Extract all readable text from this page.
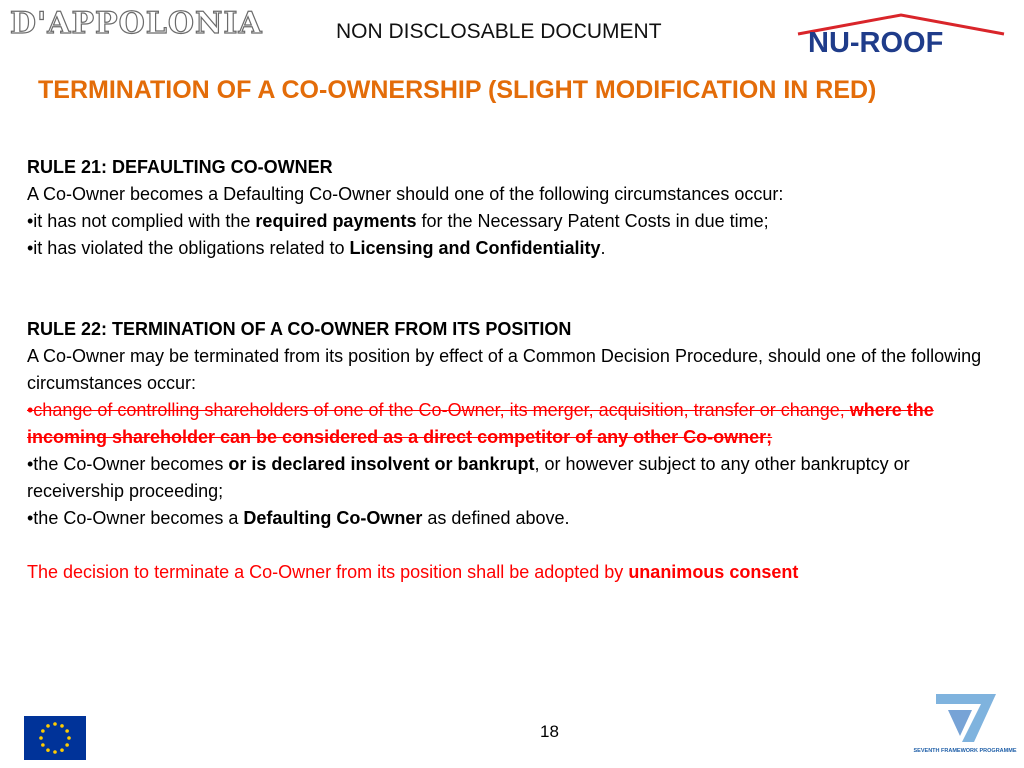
D'APPOLONIA	NON DISCLOSABLE DOCUMENT	NU-ROOF
TERMINATION OF A CO-OWNERSHIP (SLIGHT MODIFICATION IN RED)

RULE 21: DEFAULTING CO-OWNER

A Co-Owner becomes a Defaulting Co-Owner should one of the following circumstances occur:

•it has not complied with the required payments for the Necessary Patent Costs in due time;

•it has violated the obligations related to Licensing and Confidentiality.

RULE 22: TERMINATION OF A CO-OWNER FROM ITS POSITION

A Co-Owner may be terminated from its position by effect of a Common Decision Procedure, should one of the following circumstances occur:

•change of controlling shareholders of one of the Co-Owner, its merger, acquisition, transfer or change, where the incoming shareholder can be considered as a direct competitor of any other Co-owner;

•the Co-Owner becomes or is declared insolvent or bankrupt, or however subject to any other bankruptcy or receivership proceeding;

•the Co-Owner becomes a Defaulting Co-Owner as defined above.

The decision to terminate a Co-Owner from its position shall be adopted by unanimous consent

18
SEVENTH FRAMEWORK PROGRAMME
